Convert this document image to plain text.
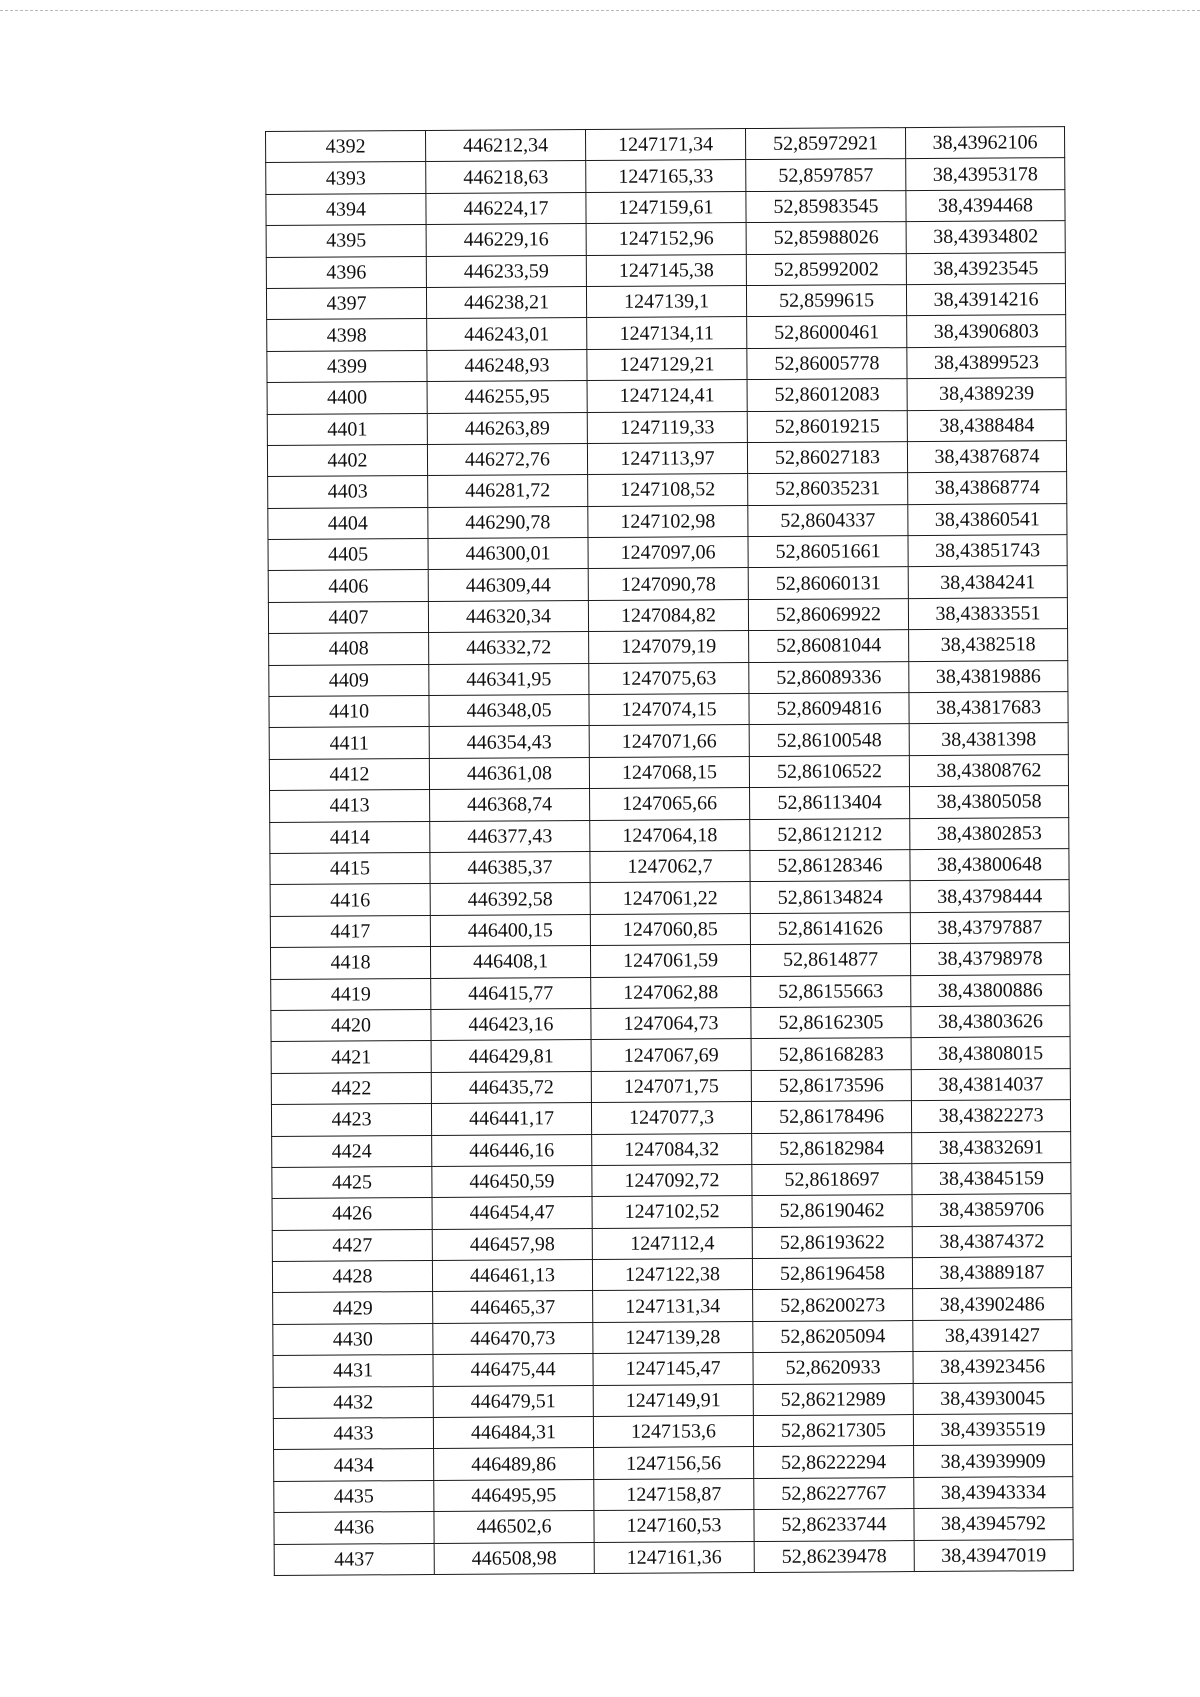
4392	446212,34	1247171,34	52,85972921	38,43962106
4393	446218,63	1247165,33	52,8597857	38,43953178
4394	446224,17	1247159,61	52,85983545	38,4394468
4395	446229,16	1247152,96	52,85988026	38,43934802
4396	446233,59	1247145,38	52,85992002	38,43923545
4397	446238,21	1247139,1	52,8599615	38,43914216
4398	446243,01	1247134,11	52,86000461	38,43906803
4399	446248,93	1247129,21	52,86005778	38,43899523
4400	446255,95	1247124,41	52,86012083	38,4389239
4401	446263,89	1247119,33	52,86019215	38,4388484
4402	446272,76	1247113,97	52,86027183	38,43876874
4403	446281,72	1247108,52	52,86035231	38,43868774
4404	446290,78	1247102,98	52,8604337	38,43860541
4405	446300,01	1247097,06	52,86051661	38,43851743
4406	446309,44	1247090,78	52,86060131	38,4384241
4407	446320,34	1247084,82	52,86069922	38,43833551
4408	446332,72	1247079,19	52,86081044	38,4382518
4409	446341,95	1247075,63	52,86089336	38,43819886
4410	446348,05	1247074,15	52,86094816	38,43817683
4411	446354,43	1247071,66	52,86100548	38,4381398
4412	446361,08	1247068,15	52,86106522	38,43808762
4413	446368,74	1247065,66	52,86113404	38,43805058
4414	446377,43	1247064,18	52,86121212	38,43802853
4415	446385,37	1247062,7	52,86128346	38,43800648
4416	446392,58	1247061,22	52,86134824	38,43798444
4417	446400,15	1247060,85	52,86141626	38,43797887
4418	446408,1	1247061,59	52,8614877	38,43798978
4419	446415,77	1247062,88	52,86155663	38,43800886
4420	446423,16	1247064,73	52,86162305	38,43803626
4421	446429,81	1247067,69	52,86168283	38,43808015
4422	446435,72	1247071,75	52,86173596	38,43814037
4423	446441,17	1247077,3	52,86178496	38,43822273
4424	446446,16	1247084,32	52,86182984	38,43832691
4425	446450,59	1247092,72	52,8618697	38,43845159
4426	446454,47	1247102,52	52,86190462	38,43859706
4427	446457,98	1247112,4	52,86193622	38,43874372
4428	446461,13	1247122,38	52,86196458	38,43889187
4429	446465,37	1247131,34	52,86200273	38,43902486
4430	446470,73	1247139,28	52,86205094	38,4391427
4431	446475,44	1247145,47	52,8620933	38,43923456
4432	446479,51	1247149,91	52,86212989	38,43930045
4433	446484,31	1247153,6	52,86217305	38,43935519
4434	446489,86	1247156,56	52,86222294	38,43939909
4435	446495,95	1247158,87	52,86227767	38,43943334
4436	446502,6	1247160,53	52,86233744	38,43945792
4437	446508,98	1247161,36	52,86239478	38,43947019
